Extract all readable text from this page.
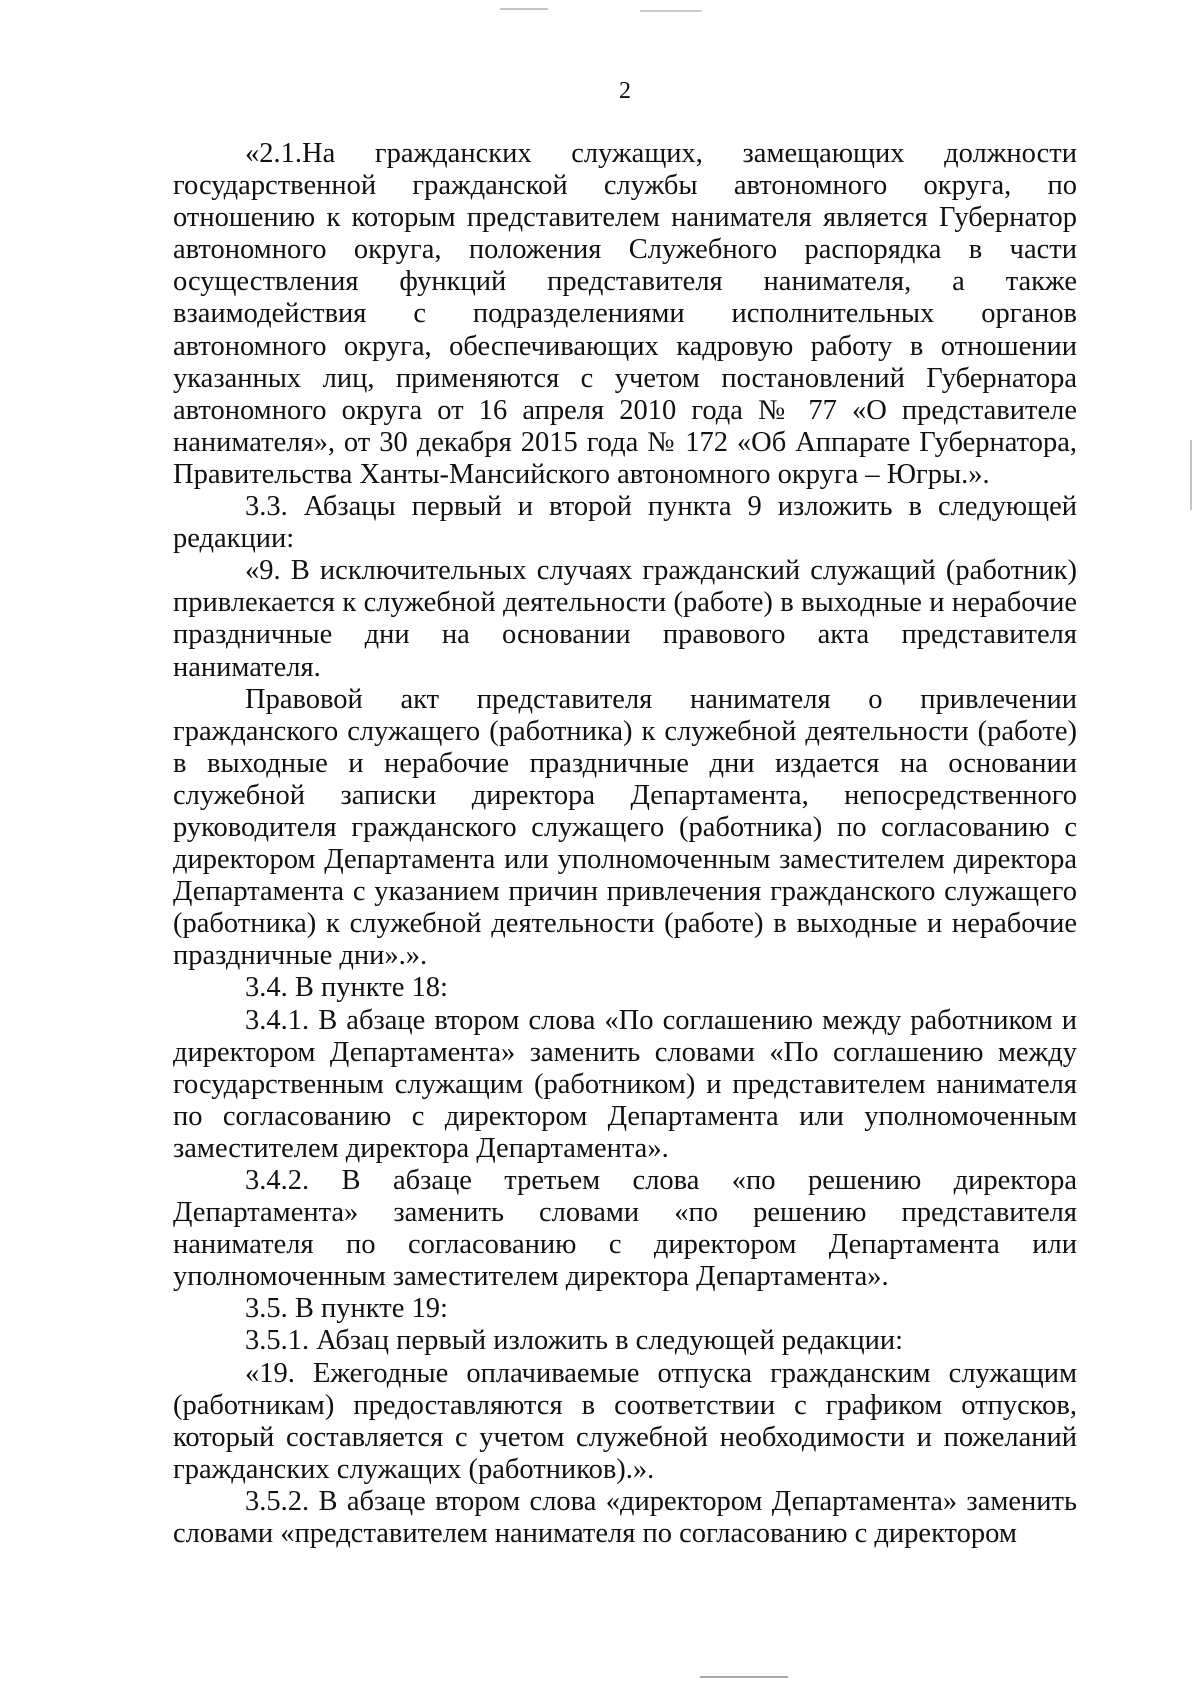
2

«2.1.На гражданских служащих, замещающих должности государственной гражданской службы автономного округа, по отношению к которым представителем нанимателя является Губернатор автономного округа, положения Служебного распорядка в части осуществления функций представителя нанимателя, а также взаимодействия с подразделениями исполнительных органов автономного округа, обеспечивающих кадровую работу в отношении указанных лиц, применяются с учетом постановлений Губернатора автономного округа от 16 апреля 2010 года № 77 «О представителе нанимателя», от 30 декабря 2015 года № 172 «Об Аппарате Губернатора, Правительства Ханты-Мансийского автономного округа – Югры.».

3.3. Абзацы первый и второй пункта 9 изложить в следующей редакции:

«9. В исключительных случаях гражданский служащий (работник) привлекается к служебной деятельности (работе) в выходные и нерабочие праздничные дни на основании правового акта представителя нанимателя.

Правовой акт представителя нанимателя о привлечении гражданского служащего (работника) к служебной деятельности (работе) в выходные и нерабочие праздничные дни издается на основании служебной записки директора Департамента, непосредственного руководителя гражданского служащего (работника) по согласованию с директором Департамента или уполномоченным заместителем директора Департамента с указанием причин привлечения гражданского служащего (работника) к служебной деятельности (работе) в выходные и нерабочие праздничные дни».».

3.4. В пункте 18:

3.4.1. В абзаце втором слова «По соглашению между работником и директором Департамента» заменить словами «По соглашению между государственным служащим (работником) и представителем нанимателя по согласованию с директором Департамента или уполномоченным заместителем директора Департамента».

3.4.2. В абзаце третьем слова «по решению директора Департамента» заменить словами «по решению представителя нанимателя по согласованию с директором Департамента или уполномоченным заместителем директора Департамента».

3.5. В пункте 19:

3.5.1. Абзац первый изложить в следующей редакции:

«19. Ежегодные оплачиваемые отпуска гражданским служащим (работникам) предоставляются в соответствии с графиком отпусков, который составляется с учетом служебной необходимости и пожеланий гражданских служащих (работников).».

3.5.2. В абзаце втором слова «директором Департамента» заменить словами «представителем нанимателя по согласованию с директором
